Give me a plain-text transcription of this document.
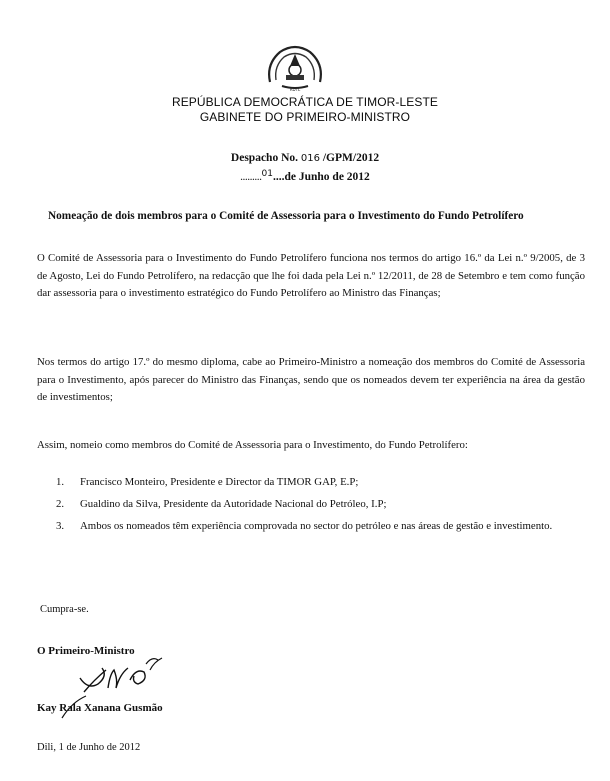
RDTL
REPÚBLICA DEMOCRÁTICA DE TIMOR-LESTE
GABINETE DO PRIMEIRO-MINISTRO
Despacho No. 016 /GPM/2012
.........$^{01}$....de Junho de 2012
Nomeação de dois membros para o Comité de Assessoria para o Investimento do Fundo Petrolífero
O Comité de Assessoria para o Investimento do Fundo Petrolífero funciona nos termos do artigo 16.º da Lei n.º 9/2005, de 3 de Agosto, Lei do Fundo Petrolífero, na redacção que lhe foi dada pela Lei n.º 12/2011, de 28 de Setembro e tem como função dar assessoria para o investimento estratégico do Fundo Petrolífero ao Ministro das Finanças;
Nos termos do artigo 17.º do mesmo diploma, cabe ao Primeiro-Ministro a nomeação dos membros do Comité de Assessoria para o Investimento, após parecer do Ministro das Finanças, sendo que os nomeados devem ter experiência na área da gestão de investimentos;
Assim, nomeio como membros do Comité de Assessoria para o Investimento, do Fundo Petrolífero:
1. Francisco Monteiro, Presidente e Director da TIMOR GAP, E.P;
2. Gualdino da Silva, Presidente da Autoridade Nacional do Petróleo, I.P;
3. Ambos os nomeados têm experiência comprovada no sector do petróleo e nas áreas de gestão e investimento.
Cumpra-se.
O Primeiro-Ministro
Kay Rala Xanana Gusmão
Dili, 1 de Junho de 2012
